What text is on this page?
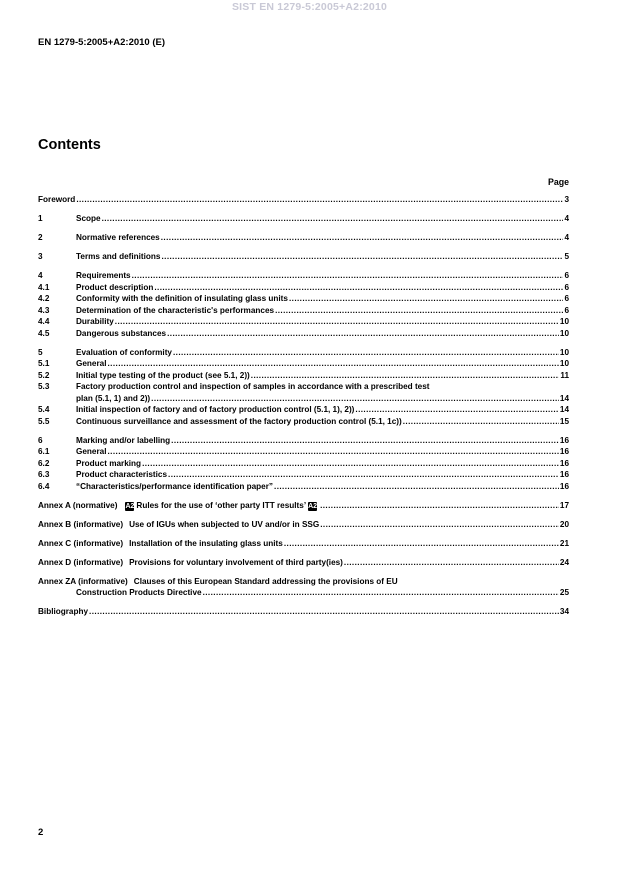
SIST EN 1279-5:2005+A2:2010
EN 1279-5:2005+A2:2010 (E)
Contents
Page
Foreword .....	3
1	Scope .....	4
2	Normative references .....	4
3	Terms and definitions .....	5
4	Requirements .....	6
4.1	Product description .....	6
4.2	Conformity with the definition of insulating glass units .....	6
4.3	Determination of the characteristic's performances .....	6
4.4	Durability .....	10
4.5	Dangerous substances .....	10
5	Evaluation of conformity .....	10
5.1	General .....	10
5.2	Initial type testing of the product (see 5.1, 2)) .....	11
5.3	Factory production control and inspection of samples in accordance with a prescribed test
plan (5.1, 1) and 2)) .....	14
5.4	Initial inspection of factory and of factory production control (5.1, 1), 2)) .....	14
5.5	Continuous surveillance and assessment of the factory production control (5.1, 1c)) .....	15
6	Marking and/or labelling .....	16
6.1	General .....	16
6.2	Product marking .....	16
6.3	Product characteristics .....	16
6.4	“Characteristics/performance identification paper” .....	16
Annex A (normative)	A2 Rules for the use of ‘other party ITT results’ A2 .....	17
Annex B (informative) Use of IGUs when subjected to UV and/or in SSG .....	20
Annex C (informative) Installation of the insulating glass units .....	21
Annex D (informative) Provisions for voluntary involvement of third party(ies) .....	24
Annex ZA (informative) Clauses of this European Standard addressing the provisions of EU
Construction Products Directive .....	25
Bibliography .....	34
2
